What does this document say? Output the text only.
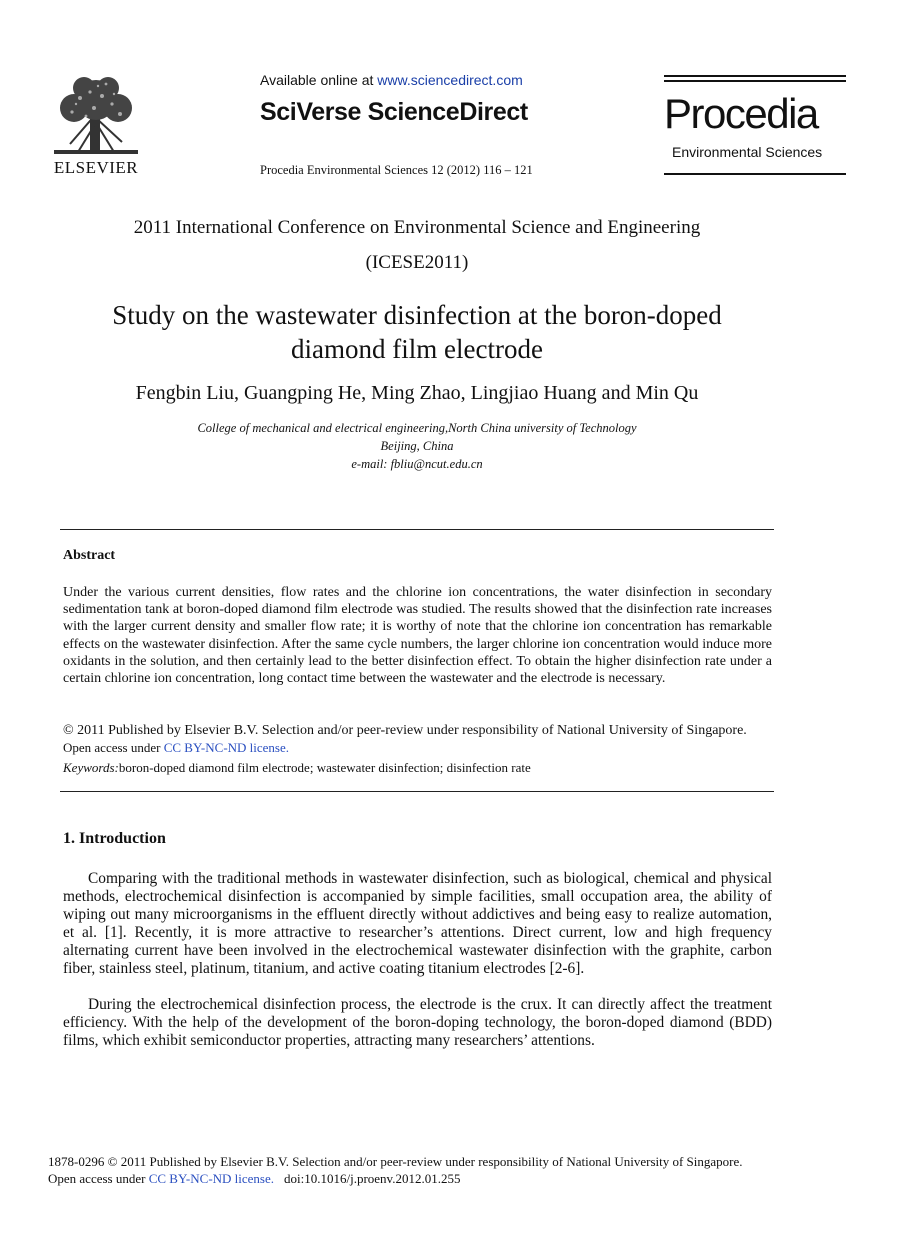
ELSEVIER
Available online at www.sciencedirect.com
SciVerse ScienceDirect
Procedia Environmental Sciences 12 (2012) 116 – 121
Procedia
Environmental Sciences
2011 International Conference on Environmental Science and Engineering
(ICESE2011)
Study on the wastewater disinfection at the boron-doped diamond film electrode
Fengbin Liu, Guangping He, Ming Zhao, Lingjiao Huang and Min Qu
College of mechanical and electrical engineering,North China university of Technology
Beijing, China
e-mail: fbliu@ncut.edu.cn
Abstract
Under the various current densities, flow rates and the chlorine ion concentrations, the water disinfection in secondary sedimentation tank at boron-doped diamond film electrode was studied. The results showed that the disinfection rate increases with the larger current density and smaller flow rate; it is worthy of note that the chlorine ion concentration has remarkable effects on the wastewater disinfection. After the same cycle numbers, the larger chlorine ion concentration would induce more oxidants in the solution, and then certainly lead to the better disinfection effect. To obtain the higher disinfection rate under a certain chlorine ion concentration, long contact time between the wastewater and the electrode is necessary.
© 2011 Published by Elsevier B.V. Selection and/or peer-review under responsibility of National University of Singapore.
Open access under CC BY-NC-ND license.
Keywords:boron-doped diamond film electrode; wastewater disinfection; disinfection rate
1. Introduction
Comparing with the traditional methods in wastewater disinfection, such as biological, chemical and physical methods, electrochemical disinfection is accompanied by simple facilities, small occupation area, the ability of wiping out many microorganisms in the effluent directly without addictives and being easy to realize automation, et al. [1]. Recently, it is more attractive to researcher’s attentions. Direct current, low and high frequency alternating current have been involved in the electrochemical wastewater disinfection with the graphite, carbon fiber, stainless steel, platinum, titanium, and active coating titanium electrodes [2-6].
During the electrochemical disinfection process, the electrode is the crux. It can directly affect the treatment efficiency. With the help of the development of the boron-doping technology, the boron-doped diamond (BDD) films, which exhibit semiconductor properties, attracting many researchers’ attentions.
1878-0296 © 2011 Published by Elsevier B.V. Selection and/or peer-review under responsibility of National University of Singapore.
Open access under CC BY-NC-ND license. doi:10.1016/j.proenv.2012.01.255
